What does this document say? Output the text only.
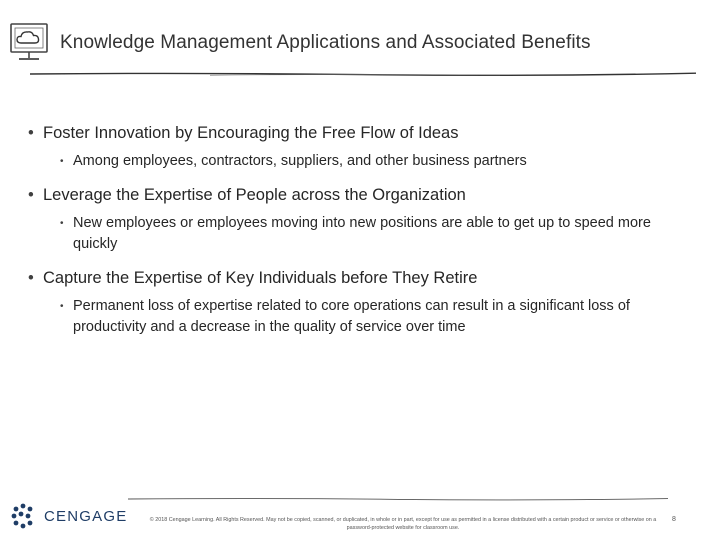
Knowledge Management Applications and Associated Benefits
• Foster Innovation by Encouraging the Free Flow of Ideas
• Among employees, contractors, suppliers, and other business partners
• Leverage the Expertise of People across the Organization
• New employees or employees moving into new positions are able to get up to speed more quickly
• Capture the Expertise of Key Individuals before They Retire
• Permanent loss of expertise related to core operations can result in a significant loss of productivity and a decrease in the quality of service over time
CENGAGE	© 2018 Cengage Learning. All Rights Reserved. May not be copied, scanned, or duplicated, in whole or in part, except for use as permitted in a license distributed with a certain product or service or otherwise on a password-protected website for classroom use.
8
